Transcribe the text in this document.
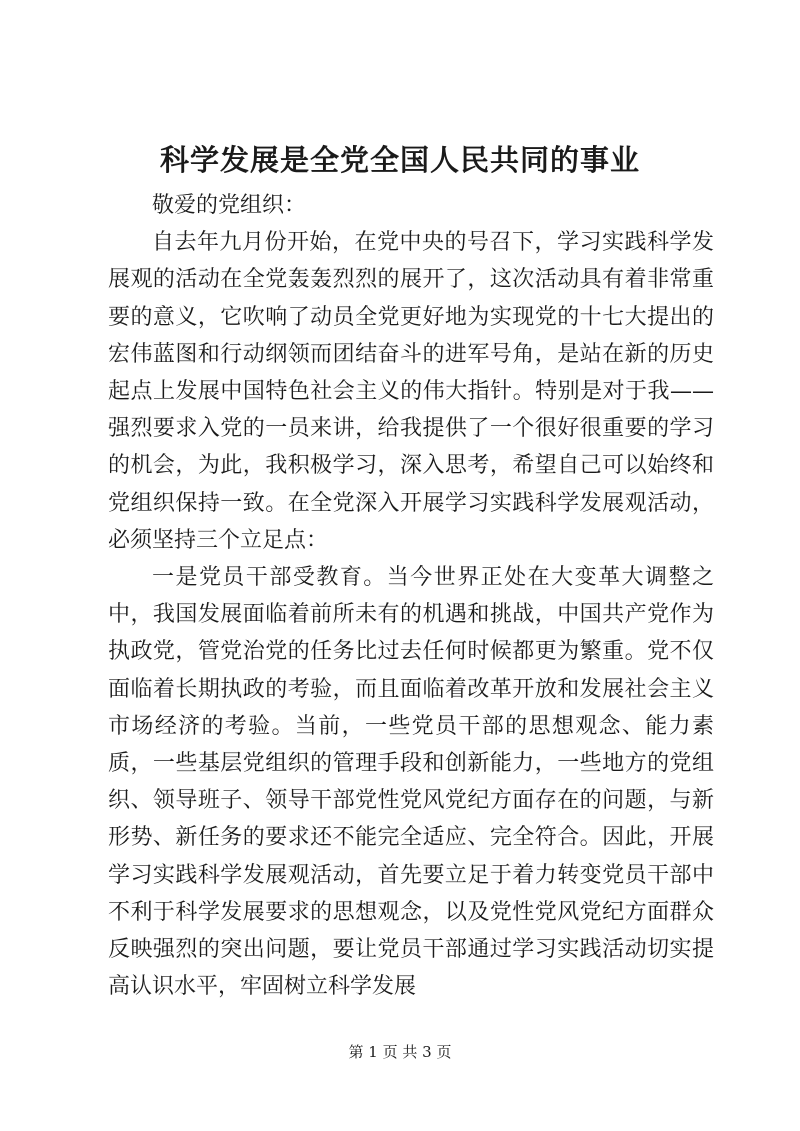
科学发展是全党全国人民共同的事业

敬爱的党组织：

自去年九月份开始，在党中央的号召下，学习实践科学发展观的活动在全党轰轰烈烈的展开了，这次活动具有着非常重要的意义，它吹响了动员全党更好地为实现党的十七大提出的宏伟蓝图和行动纲领而团结奋斗的进军号角，是站在新的历史起点上发展中国特色社会主义的伟大指针。特别是对于我——强烈要求入党的一员来讲，给我提供了一个很好很重要的学习的机会，为此，我积极学习，深入思考，希望自己可以始终和党组织保持一致。在全党深入开展学习实践科学发展观活动，必须坚持三个立足点：

一是党员干部受教育。当今世界正处在大变革大调整之中，我国发展面临着前所未有的机遇和挑战，中国共产党作为执政党，管党治党的任务比过去任何时候都更为繁重。党不仅面临着长期执政的考验，而且面临着改革开放和发展社会主义市场经济的考验。当前，一些党员干部的思想观念、能力素质，一些基层党组织的管理手段和创新能力，一些地方的党组织、领导班子、领导干部党性党风党纪方面存在的问题，与新形势、新任务的要求还不能完全适应、完全符合。因此，开展学习实践科学发展观活动，首先要立足于着力转变党员干部中不利于科学发展要求的思想观念，以及党性党风党纪方面群众反映强烈的突出问题，要让党员干部通过学习实践活动切实提高认识水平，牢固树立科学发展

第 1 页 共 3 页
